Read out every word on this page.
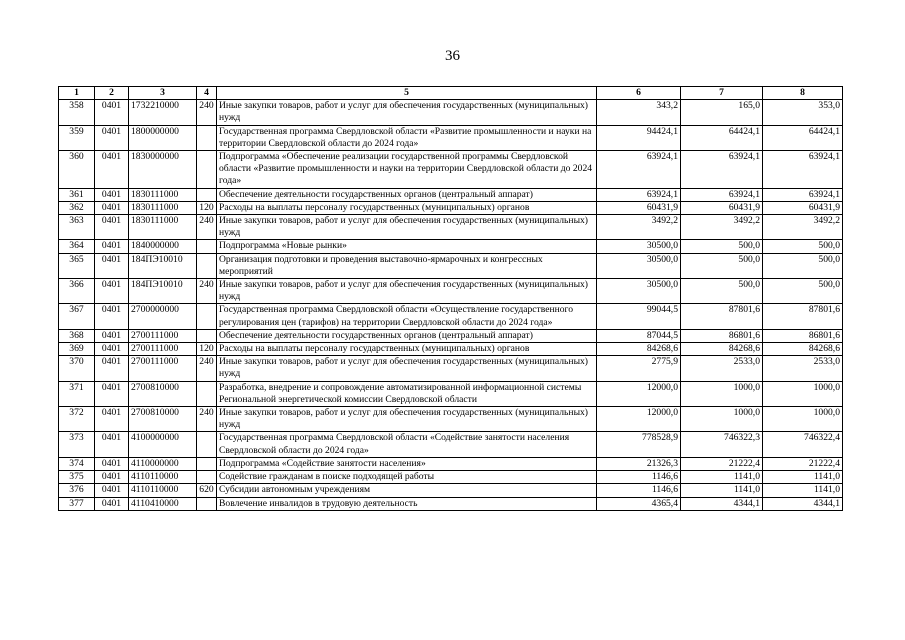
36
1	2	3	4	5	6	7	8
358	0401	1732210000	240	Иные закупки товаров, работ и услуг для обеспечения государственных (муниципальных) нужд	343,2	165,0	353,0
359	0401	1800000000		Государственная программа Свердловской области «Развитие промышленности и науки на территории Свердловской области до 2024 года»	94424,1	64424,1	64424,1
360	0401	1830000000		Подпрограмма «Обеспечение реализации государственной программы Свердловской области «Развитие промышленности и науки на территории Свердловской области до 2024 года»	63924,1	63924,1	63924,1
361	0401	1830111000		Обеспечение деятельности государственных органов (центральный аппарат)	63924,1	63924,1	63924,1
362	0401	1830111000	120	Расходы на выплаты персоналу государственных (муниципальных) органов	60431,9	60431,9	60431,9
363	0401	1830111000	240	Иные закупки товаров, работ и услуг для обеспечения государственных (муниципальных) нужд	3492,2	3492,2	3492,2
364	0401	1840000000		Подпрограмма «Новые рынки»	30500,0	500,0	500,0
365	0401	184ПЭ10010		Организация подготовки и проведения выставочно-ярмарочных и конгрессных мероприятий	30500,0	500,0	500,0
366	0401	184ПЭ10010	240	Иные закупки товаров, работ и услуг для обеспечения государственных (муниципальных) нужд	30500,0	500,0	500,0
367	0401	2700000000		Государственная программа Свердловской области «Осуществление государственного регулирования цен (тарифов) на территории Свердловской области до 2024 года»	99044,5	87801,6	87801,6
368	0401	2700111000		Обеспечение деятельности государственных органов (центральный аппарат)	87044,5	86801,6	86801,6
369	0401	2700111000	120	Расходы на выплаты персоналу государственных (муниципальных) органов	84268,6	84268,6	84268,6
370	0401	2700111000	240	Иные закупки товаров, работ и услуг для обеспечения государственных (муниципальных) нужд	2775,9	2533,0	2533,0
371	0401	2700810000		Разработка, внедрение и сопровождение автоматизированной информационной системы Региональной энергетической комиссии Свердловской области	12000,0	1000,0	1000,0
372	0401	2700810000	240	Иные закупки товаров, работ и услуг для обеспечения государственных (муниципальных) нужд	12000,0	1000,0	1000,0
373	0401	4100000000		Государственная программа Свердловской области «Содействие занятости населения Свердловской области до 2024 года»	778528,9	746322,3	746322,4
374	0401	4110000000		Подпрограмма «Содействие занятости населения»	21326,3	21222,4	21222,4
375	0401	4110110000		Содействие гражданам в поиске подходящей работы	1146,6	1141,0	1141,0
376	0401	4110110000	620	Субсидии автономным учреждениям	1146,6	1141,0	1141,0
377	0401	4110410000		Вовлечение инвалидов в трудовую деятельность	4365,4	4344,1	4344,1
